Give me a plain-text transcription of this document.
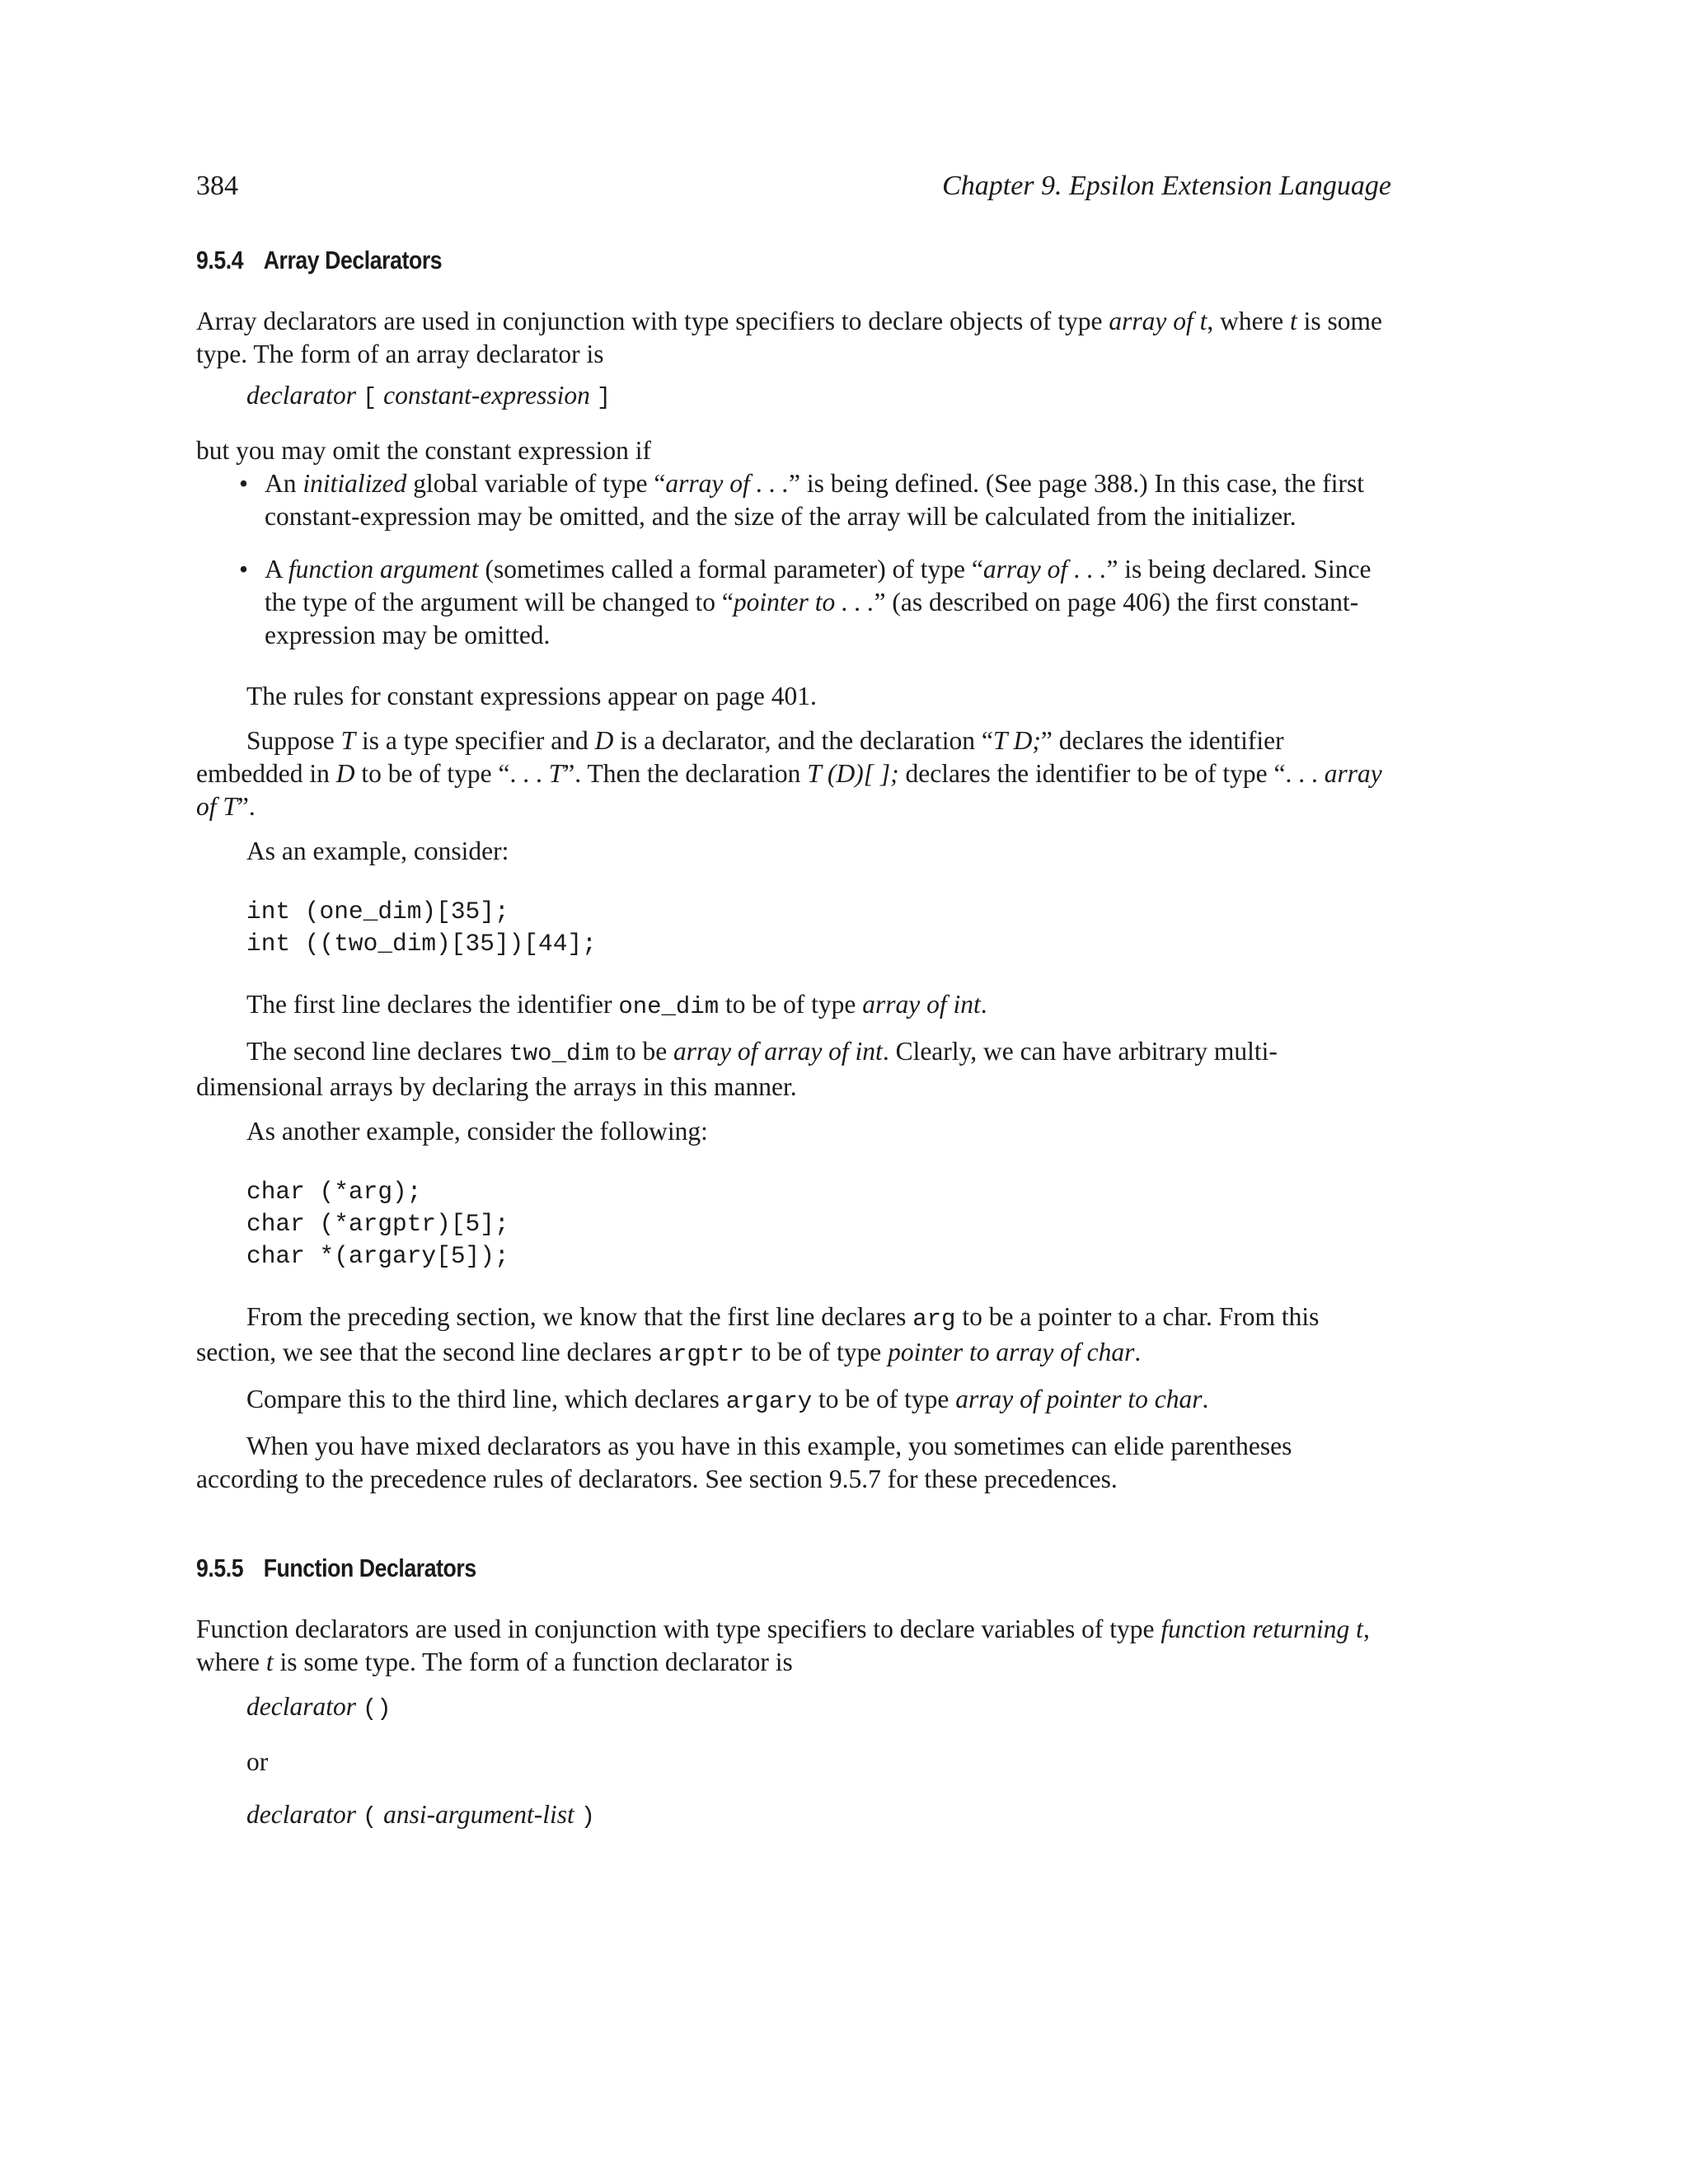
384	Chapter 9. Epsilon Extension Language
9.5.4 Array Declarators

Array declarators are used in conjunction with type specifiers to declare objects of type array of t, where t is some type. The form of an array declarator is

declarator [ constant-expression ]

but you may omit the constant expression if

• An initialized global variable of type “array of . . .” is being defined. (See page 388.) In this case, the first constant-expression may be omitted, and the size of the array will be calculated from the initializer.
• A function argument (sometimes called a formal parameter) of type “array of . . .” is being declared. Since the type of the argument will be changed to “pointer to . . .” (as described on page 406) the first constant-expression may be omitted.

The rules for constant expressions appear on page 401.

Suppose T is a type specifier and D is a declarator, and the declaration “T D;” declares the identifier embedded in D to be of type “. . . T”. Then the declaration T (D)[ ]; declares the identifier to be of type “. . . array of T”.

As an example, consider:

int (one_dim)[35];
int ((two_dim)[35])[44];

The first line declares the identifier one_dim to be of type array of int.

The second line declares two_dim to be array of array of int. Clearly, we can have arbitrary multi-dimensional arrays by declaring the arrays in this manner.

As another example, consider the following:

char (*arg);
char (*argptr)[5];
char *(argary[5]);

From the preceding section, we know that the first line declares arg to be a pointer to a char. From this section, we see that the second line declares argptr to be of type pointer to array of char.

Compare this to the third line, which declares argary to be of type array of pointer to char.

When you have mixed declarators as you have in this example, you sometimes can elide parentheses according to the precedence rules of declarators. See section 9.5.7 for these precedences.

9.5.5 Function Declarators

Function declarators are used in conjunction with type specifiers to declare variables of type function returning t, where t is some type. The form of a function declarator is

declarator ()

or

declarator ( ansi-argument-list )
